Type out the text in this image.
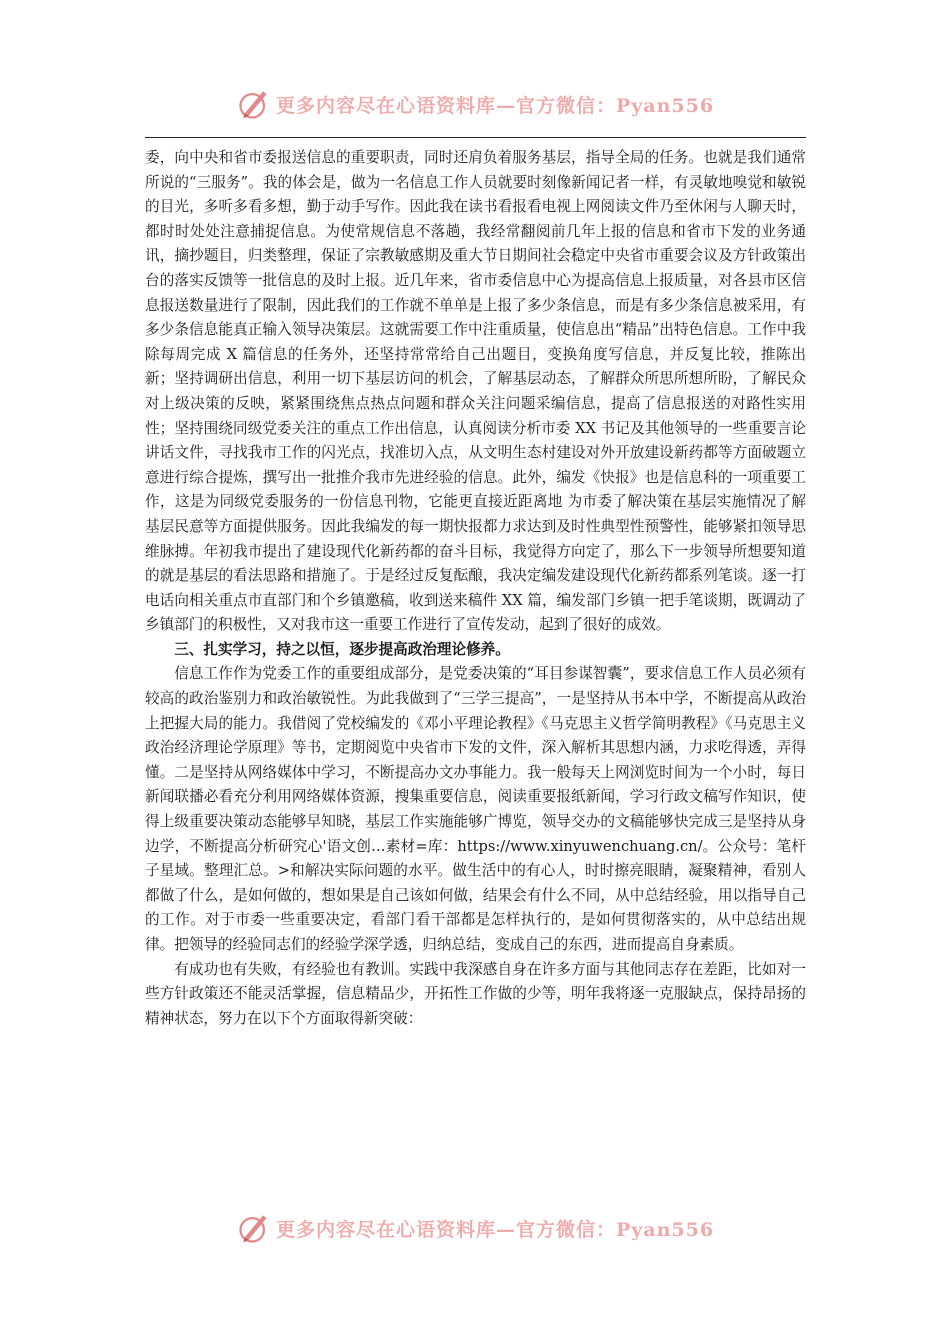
更多内容尽在心语资料库—官方微信：Pyan556

委，向中央和省市委报送信息的重要职责，同时还肩负着服务基层，指导全局的任务。也就是我们通常所说的“三服务”。我的体会是，做为一名信息工作人员就要时刻像新闻记者一样，有灵敏地嗅觉和敏锐的目光，多听多看多想，勤于动手写作。因此我在读书看报看电视上网阅读文件乃至休闲与人聊天时，都时时处处注意捕捉信息。为使常规信息不落趟，我经常翻阅前几年上报的信息和省市下发的业务通讯，摘抄题目，归类整理，保证了宗教敏感期及重大节日期间社会稳定中央省市重要会议及方针政策出台的落实反馈等一批信息的及时上报。近几年来，省市委信息中心为提高信息上报质量，对各县市区信息报送数量进行了限制，因此我们的工作就不单单是上报了多少条信息，而是有多少条信息被采用，有多少条信息能真正输入领导决策层。这就需要工作中注重质量，使信息出“精品”出特色信息。工作中我除每周完成 X 篇信息的任务外，还坚持常常给自己出题目，变换角度写信息，并反复比较，推陈出新；坚持调研出信息，利用一切下基层访问的机会，了解基层动态，了解群众所思所想所盼，了解民众对上级决策的反映，紧紧围绕焦点热点问题和群众关注问题采编信息，提高了信息报送的对路性实用性；坚持围绕同级党委关注的重点工作出信息，认真阅读分析市委 XX 书记及其他领导的一些重要言论讲话文件，寻找我市工作的闪光点，找准切入点，从文明生态村建设对外开放建设新药都等方面破题立意进行综合提炼，撰写出一批推介我市先进经验的信息。此外，编发《快报》也是信息科的一项重要工作，这是为同级党委服务的一份信息刊物，它能更直接近距离地 为市委了解决策在基层实施情况了解基层民意等方面提供服务。因此我编发的每一期快报都力求达到及时性典型性预警性，能够紧扣领导思维脉搏。年初我市提出了建设现代化新药都的奋斗目标，我觉得方向定了，那么下一步领导所想要知道的就是基层的看法思路和措施了。于是经过反复酝酿，我决定编发建设现代化新药都系列笔谈。逐一打电话向相关重点市直部门和个乡镇邀稿，收到送来稿件 XX 篇，编发部门乡镇一把手笔谈期，既调动了乡镇部门的积极性，又对我市这一重要工作进行了宣传发动，起到了很好的成效。

三、扎实学习，持之以恒，逐步提高政治理论修养。

信息工作作为党委工作的重要组成部分，是党委决策的“耳目参谋智囊”，要求信息工作人员必须有较高的政治鉴别力和政治敏锐性。为此我做到了“三学三提高”，一是坚持从书本中学，不断提高从政治上把握大局的能力。我借阅了党校编发的《邓小平理论教程》《马克思主义哲学简明教程》《马克思主义政治经济理论学原理》等书，定期阅览中央省市下发的文件，深入解析其思想内涵，力求吃得透，弄得懂。二是坚持从网络媒体中学习，不断提高办文办事能力。我一般每天上网浏览时间为一个小时，每日新闻联播必看充分利用网络媒体资源，搜集重要信息，阅读重要报纸新闻，学习行政文稿写作知识，使得上级重要决策动态能够早知晓，基层工作实施能够广博览，领导交办的文稿能够快完成三是坚持从身边学，不断提高分析研究心'语文创…素材=库：https://www.xinyuwenchuang.cn/。公众号：笔杆子星域。整理汇总。>和解决实际问题的水平。做生活中的有心人，时时擦亮眼睛，凝聚精神，看别人都做了什么，是如何做的，想如果是自己该如何做，结果会有什么不同，从中总结经验，用以指导自己的工作。对于市委一些重要决定，看部门看干部都是怎样执行的，是如何贯彻落实的，从中总结出规律。把领导的经验同志们的经验学深学透，归纳总结，变成自己的东西，进而提高自身素质。

有成功也有失败，有经验也有教训。实践中我深感自身在许多方面与其他同志存在差距，比如对一些方针政策还不能灵活掌握，信息精品少，开拓性工作做的少等，明年我将逐一克服缺点，保持昂扬的精神状态，努力在以下个方面取得新突破：

更多内容尽在心语资料库—官方微信：Pyan556
